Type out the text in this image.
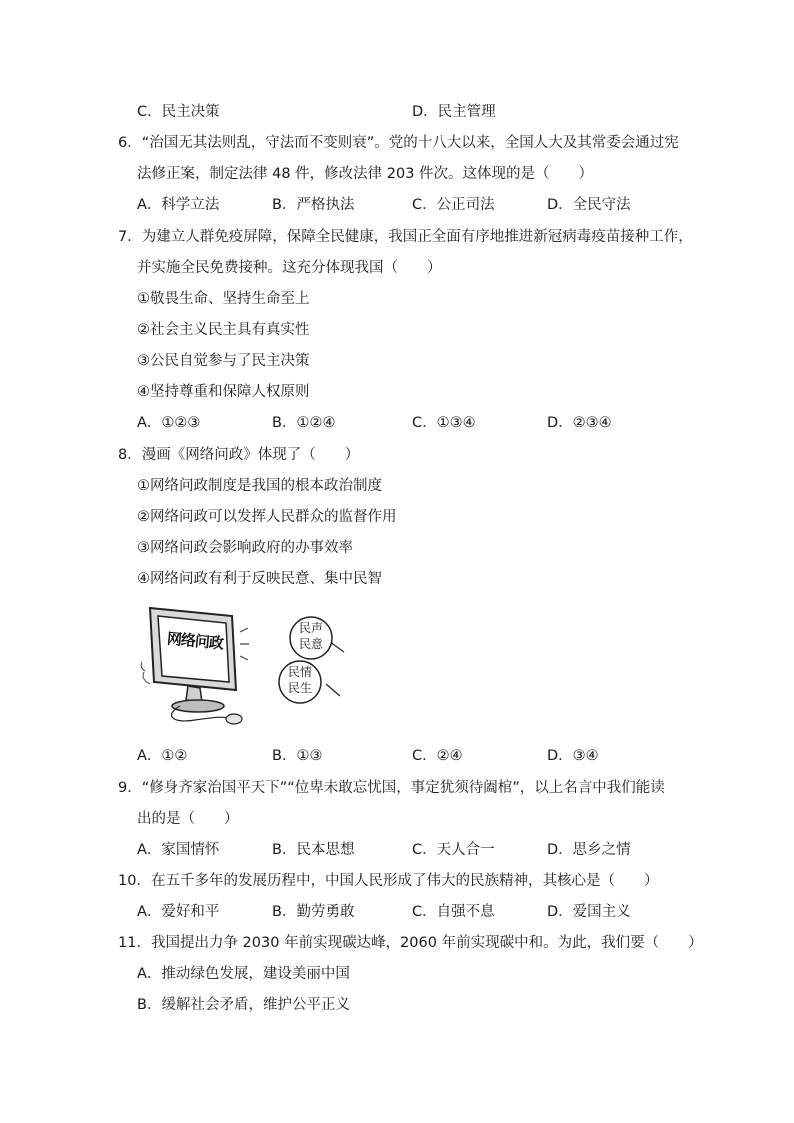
C．民主决策	D．民主管理
6．“治国无其法则乱，守法而不变则衰”。党的十八大以来，全国人大及其常委会通过宪
法修正案，制定法律 48 件，修改法律 203 件次。这体现的是（　　）
A．科学立法	B．严格执法	C．公正司法	D．全民守法
7．为建立人群免疫屏障，保障全民健康，我国正全面有序地推进新冠病毒疫苗接种工作，
并实施全民免费接种。这充分体现我国（　　）
①敬畏生命、坚持生命至上
②社会主义民主具有真实性
③公民自觉参与了民主决策
④坚持尊重和保障人权原则
A．①②③	B．①②④	C．①③④	D．②③④
8．漫画《网络问政》体现了（　　）
①网络问政制度是我国的根本政治制度
②网络问政可以发挥人民群众的监督作用
③网络问政会影响政府的办事效率
④网络问政有利于反映民意、集中民智
网络问政
民声
民意
民情
民生
A．①②	B．①③	C．②④	D．③④
9．“修身齐家治国平天下”“位卑未敢忘忧国，事定犹须待阖棺”，以上名言中我们能读
出的是（　　）
A．家国情怀	B．民本思想	C．天人合一	D．思乡之情
10．在五千多年的发展历程中，中国人民形成了伟大的民族精神，其核心是（　　）
A．爱好和平	B．勤劳勇敢	C．自强不息	D．爱国主义
11．我国提出力争 2030 年前实现碳达峰，2060 年前实现碳中和。为此，我们要（　　）
A．推动绿色发展，建设美丽中国
B．缓解社会矛盾，维护公平正义
